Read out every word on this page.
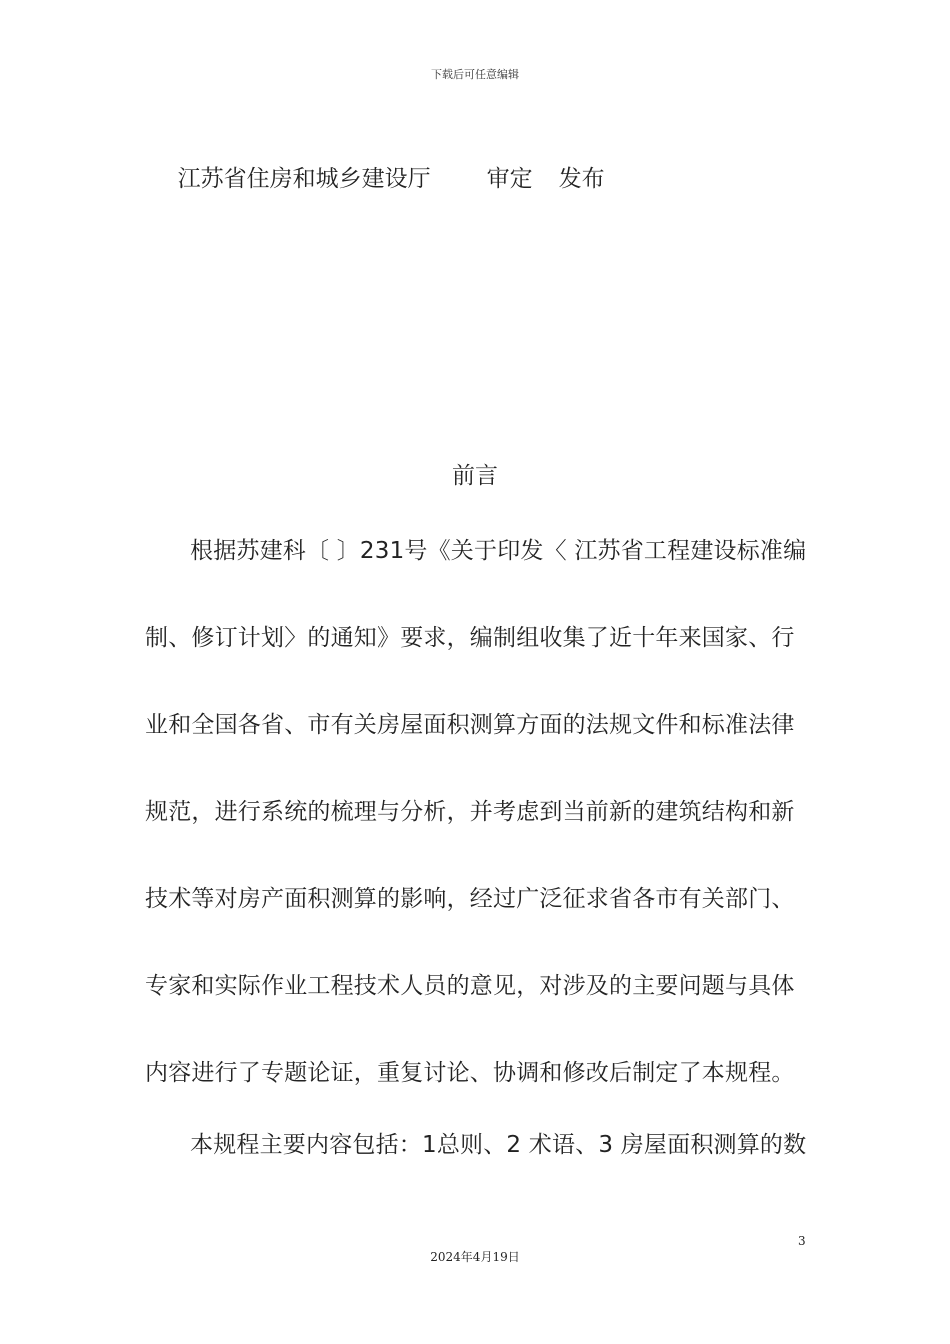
下载后可任意编辑

江苏省住房和城乡建设厅 审定 发布

前言
根据苏建科〔 〕231号《关于印发〈 江苏省工程建设标准编
制、修订计划〉的通知》要求，编制组收集了近十年来国家、行
业和全国各省、市有关房屋面积测算方面的法规文件和标准法律
规范，进行系统的梳理与分析，并考虑到当前新的建筑结构和新
技术等对房产面积测算的影响，经过广泛征求省各市有关部门、
专家和实际作业工程技术人员的意见，对涉及的主要问题与具体
内容进行了专题论证，重复讨论、协调和修改后制定了本规程。
本规程主要内容包括：1总则、2 术语、3 房屋面积测算的数
3
2024年4月19日
